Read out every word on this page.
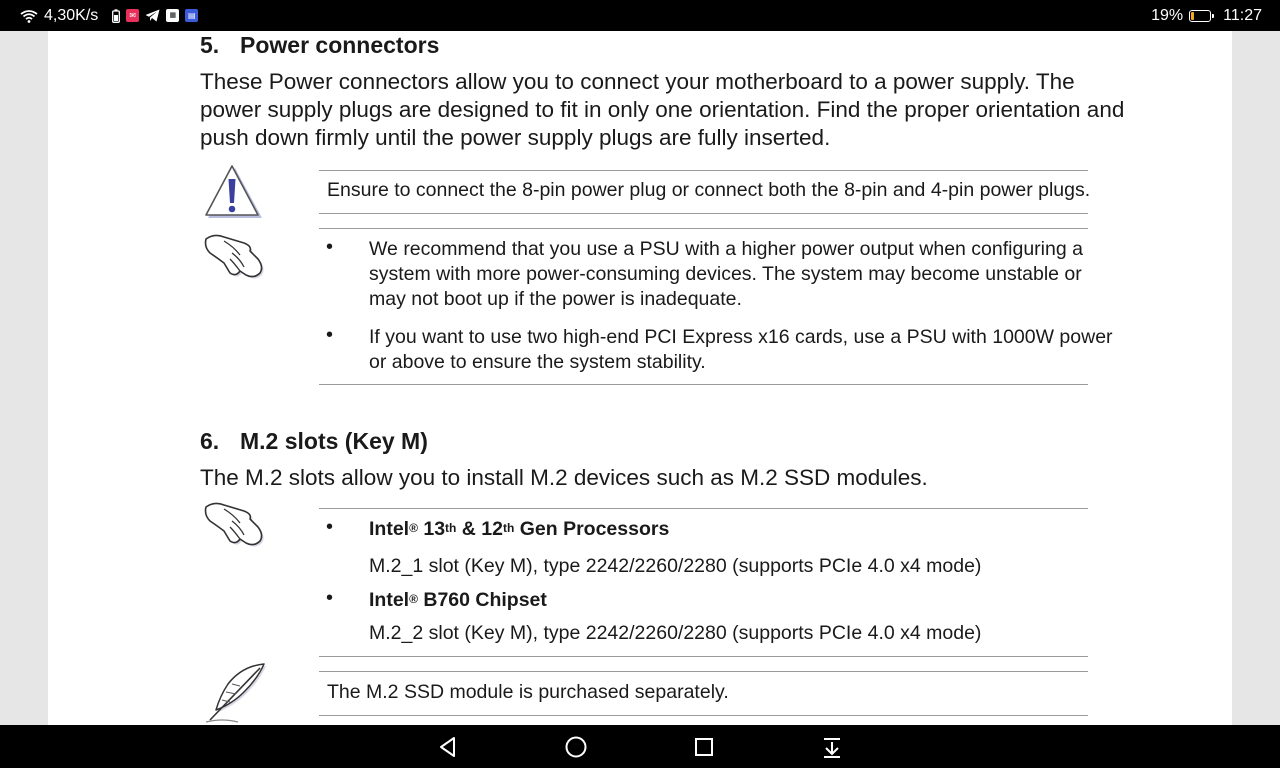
4,30K/s	✉	▦	▤	19%	11:27
5. Power connectors
These Power connectors allow you to connect your motherboard to a power supply. The
power supply plugs are designed to fit in only one orientation. Find the proper orientation and
push down firmly until the power supply plugs are fully inserted.
Ensure to connect the 8-pin power plug or connect both the 8-pin and 4-pin power plugs.
• We recommend that you use a PSU with a higher power output when configuring a
system with more power-consuming devices. The system may become unstable or
may not boot up if the power is inadequate.
• If you want to use two high-end PCI Express x16 cards, use a PSU with 1000W power
or above to ensure the system stability.
6. M.2 slots (Key M)
The M.2 slots allow you to install M.2 devices such as M.2 SSD modules.
• Intel® 13th & 12th Gen Processors
M.2_1 slot (Key M), type 2242/2260/2280 (supports PCIe 4.0 x4 mode)
• Intel® B760 Chipset
M.2_2 slot (Key M), type 2242/2260/2280 (supports PCIe 4.0 x4 mode)
The M.2 SSD module is purchased separately.
